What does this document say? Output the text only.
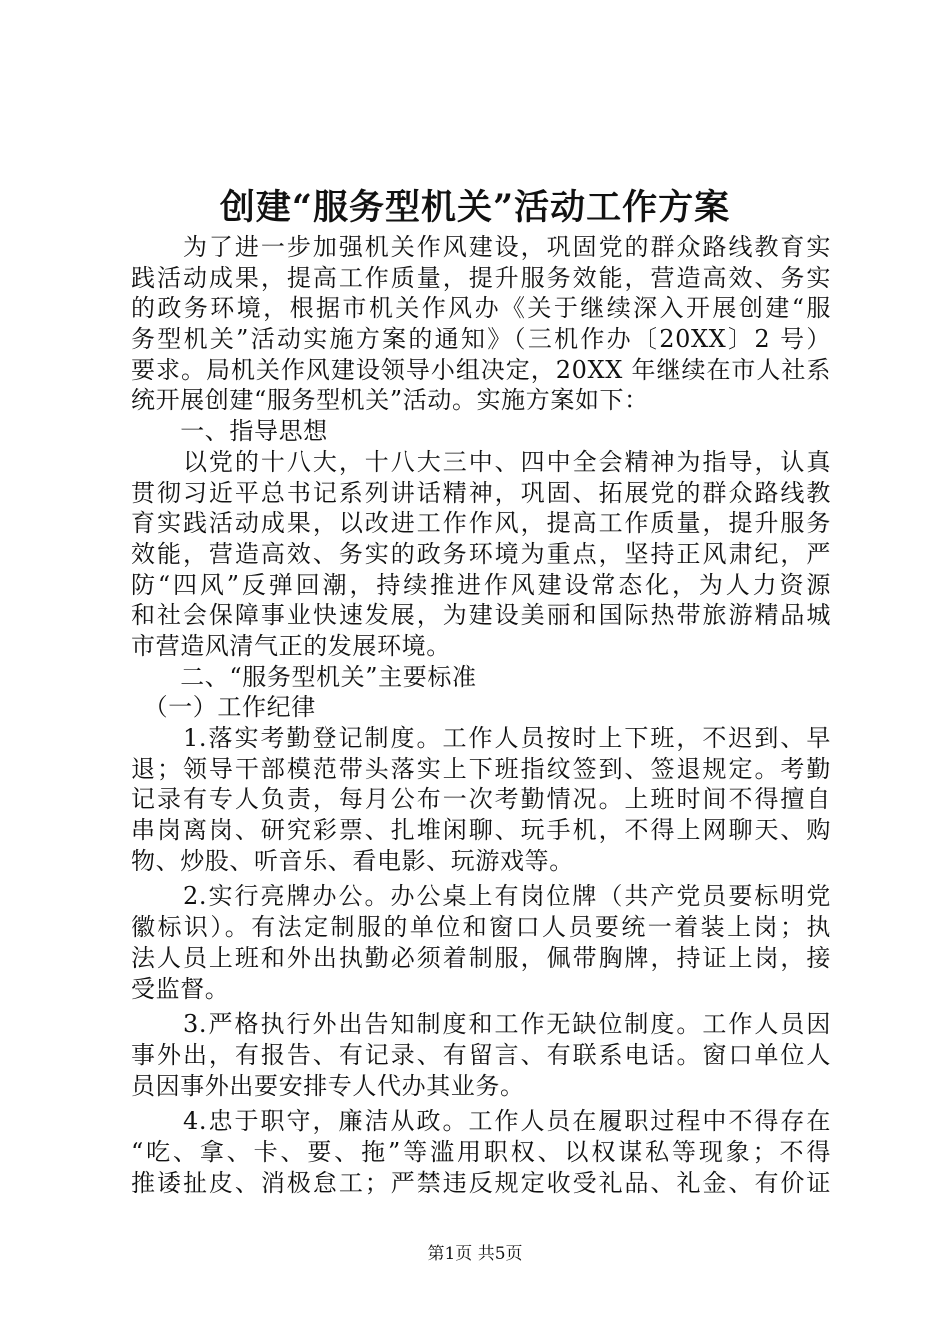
创建“服务型机关”活动工作方案
　　为了进一步加强机关作风建设，巩固党的群众路线教育实
践活动成果，提高工作质量，提升服务效能，营造高效、务实
的政务环境，根据市机关作风办《关于继续深入开展创建“服
务型机关”活动实施方案的通知》（三机作办〔20XX〕2 号）
要求。局机关作风建设领导小组决定，20XX 年继续在市人社系
统开展创建“服务型机关”活动。实施方案如下：
　　一、指导思想
　　以党的十八大，十八大三中、四中全会精神为指导，认真
贯彻习近平总书记系列讲话精神，巩固、拓展党的群众路线教
育实践活动成果，以改进工作作风，提高工作质量，提升服务
效能，营造高效、务实的政务环境为重点，坚持正风肃纪，严
防“四风”反弹回潮，持续推进作风建设常态化，为人力资源
和社会保障事业快速发展，为建设美丽和国际热带旅游精品城
市营造风清气正的发展环境。
　　二、“服务型机关”主要标准
　（一）工作纪律
　　1.落实考勤登记制度。工作人员按时上下班，不迟到、早
退；领导干部模范带头落实上下班指纹签到、签退规定。考勤
记录有专人负责，每月公布一次考勤情况。上班时间不得擅自
串岗离岗、研究彩票、扎堆闲聊、玩手机，不得上网聊天、购
物、炒股、听音乐、看电影、玩游戏等。
　　2.实行亮牌办公。办公桌上有岗位牌（共产党员要标明党
徽标识）。有法定制服的单位和窗口人员要统一着装上岗；执
法人员上班和外出执勤必须着制服，佩带胸牌，持证上岗，接
受监督。
　　3.严格执行外出告知制度和工作无缺位制度。工作人员因
事外出，有报告、有记录、有留言、有联系电话。窗口单位人
员因事外出要安排专人代办其业务。
　　4.忠于职守，廉洁从政。工作人员在履职过程中不得存在
“吃、拿、卡、要、拖”等滥用职权、以权谋私等现象；不得
推诿扯皮、消极怠工；严禁违反规定收受礼品、礼金、有价证
第1页 共5页
